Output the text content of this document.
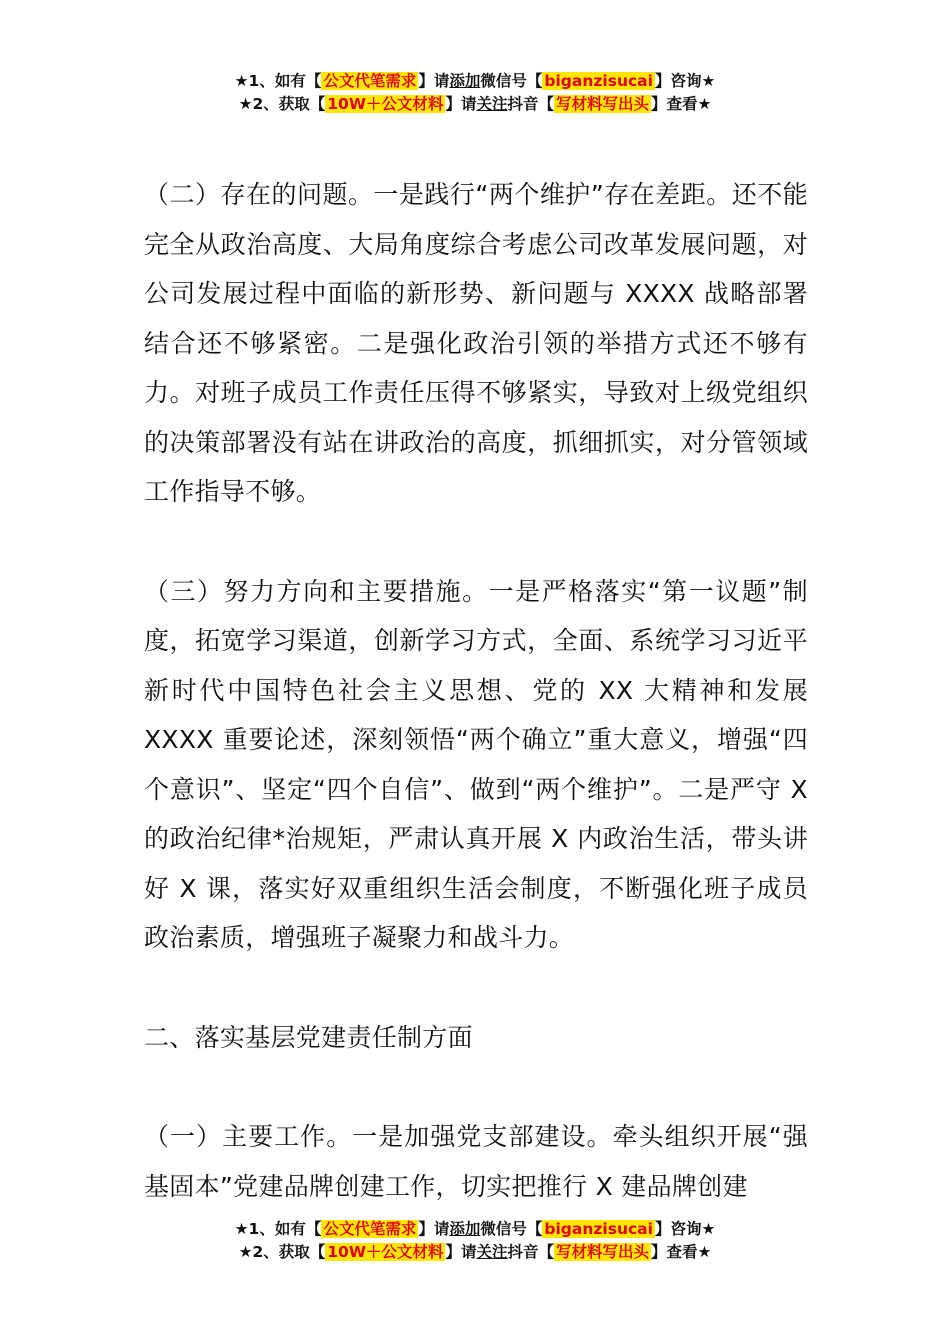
★1、如有【 公文代笔需求 】请添加微信号【 biganzisucai 】咨询★
★2、获取【 10W＋公文材料 】请关注抖音【 写材料写出头 】查看★

（二）存在的问题。一是践行“两个维护”存在差距。还不能完全从政治高度、大局角度综合考虑公司改革发展问题，对公司发展过程中面临的新形势、新问题与 XXXX 战略部署结合还不够紧密。二是强化政治引领的举措方式还不够有力。对班子成员工作责任压得不够紧实，导致对上级党组织的决策部署没有站在讲政治的高度，抓细抓实，对分管领域工作指导不够。

（三）努力方向和主要措施。一是严格落实“第一议题”制度，拓宽学习渠道，创新学习方式，全面、系统学习习近平新时代中国特色社会主义思想、党的 XX 大精神和发展 XXXX 重要论述，深刻领悟“两个确立”重大意义，增强“四个意识”、坚定“四个自信”、做到“两个维护”。二是严守 X 的政治纪律*治规矩，严肃认真开展 X 内政治生活，带头讲好 X 课，落实好双重组织生活会制度，不断强化班子成员政治素质，增强班子凝聚力和战斗力。

二、落实基层党建责任制方面

（一）主要工作。一是加强党支部建设。牵头组织开展“强基固本”党建品牌创建工作，切实把推行 X 建品牌创建

★1、如有【 公文代笔需求 】请添加微信号【 biganzisucai 】咨询★
★2、获取【 10W＋公文材料 】请关注抖音【 写材料写出头 】查看★
